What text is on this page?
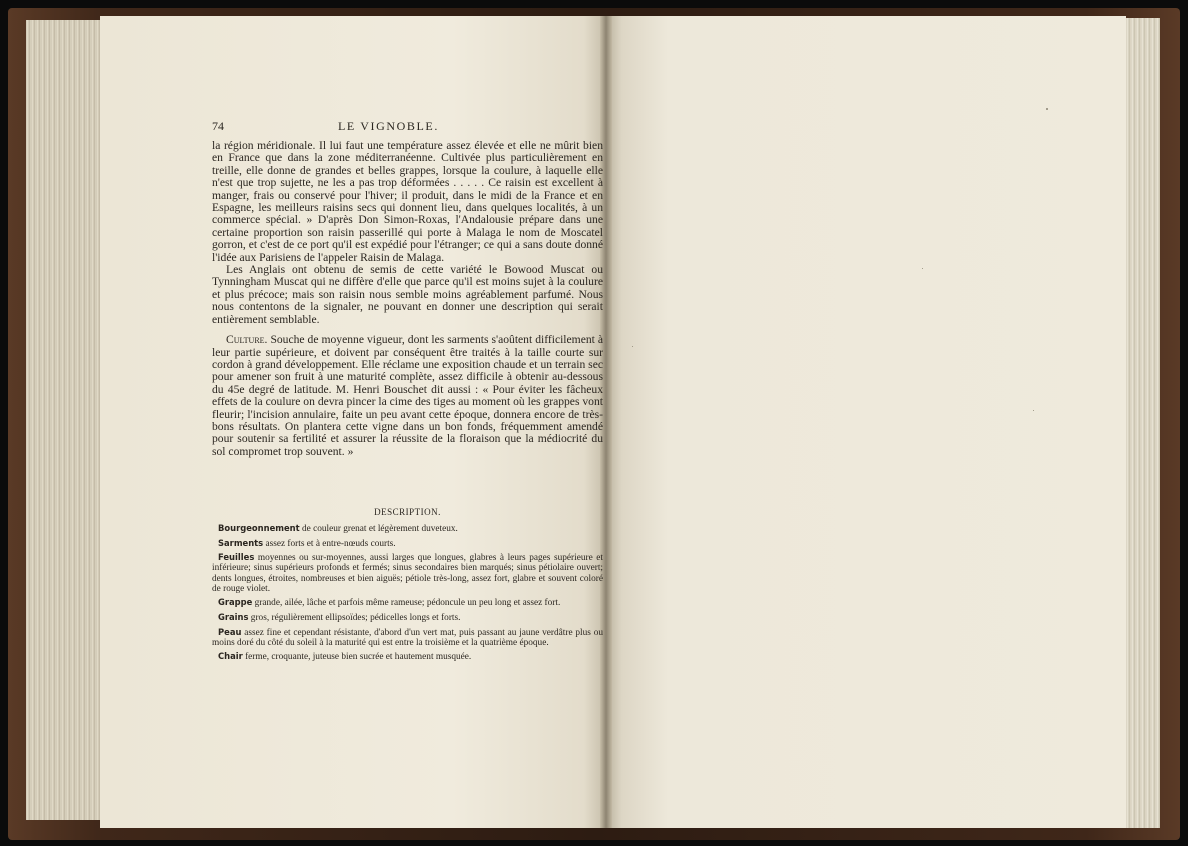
74	LE VIGNOBLE.

la région méridionale. Il lui faut une température assez élevée et elle ne mûrit bien en France que dans la zone méditerranéenne. Cultivée plus particulièrement en treille, elle donne de grandes et belles grappes, lorsque la coulure, à laquelle elle n'est que trop sujette, ne les a pas trop déformées . . . . . Ce raisin est excellent à manger, frais ou conservé pour l'hiver; il produit, dans le midi de la France et en Espagne, les meilleurs raisins secs qui donnent lieu, dans quelques localités, à un commerce spécial. » D'après Don Simon-Roxas, l'Andalousie prépare dans une certaine proportion son raisin passerillé qui porte à Malaga le nom de Moscatel gorron, et c'est de ce port qu'il est expédié pour l'étranger; ce qui a sans doute donné l'idée aux Parisiens de l'appeler Raisin de Malaga.

Les Anglais ont obtenu de semis de cette variété le Bowood Muscat ou Tynningham Muscat qui ne diffère d'elle que parce qu'il est moins sujet à la coulure et plus précoce; mais son raisin nous semble moins agréablement parfumé. Nous nous contentons de la signaler, ne pouvant en donner une description qui serait entièrement semblable.

Culture. Souche de moyenne vigueur, dont les sarments s'aoûtent difficilement à leur partie supérieure, et doivent par conséquent être traités à la taille courte sur cordon à grand développement. Elle réclame une exposition chaude et un terrain sec pour amener son fruit à une maturité complète, assez difficile à obtenir au-dessous du 45e degré de latitude. M. Henri Bouschet dit aussi : « Pour éviter les fâcheux effets de la coulure on devra pincer la cime des tiges au moment où les grappes vont fleurir; l'incision annulaire, faite un peu avant cette époque, donnera encore de très-bons résultats. On plantera cette vigne dans un bon fonds, fréquemment amendé pour soutenir sa fertilité et assurer la réussite de la floraison que la médiocrité du sol compromet trop souvent. »

DESCRIPTION.

Bourgeonnement de couleur grenat et légèrement duveteux.

Sarments assez forts et à entre-nœuds courts.

Feuilles moyennes ou sur-moyennes, aussi larges que longues, glabres à leurs pages supérieure et inférieure; sinus supérieurs profonds et fermés; sinus secondaires bien marqués; sinus pétiolaire ouvert; dents longues, étroites, nombreuses et bien aiguës; pétiole très-long, assez fort, glabre et souvent coloré de rouge violet.

Grappe grande, ailée, lâche et parfois même rameuse; pédoncule un peu long et assez fort.

Grains gros, régulièrement ellipsoïdes; pédicelles longs et forts.

Peau assez fine et cependant résistante, d'abord d'un vert mat, puis passant au jaune verdâtre plus ou moins doré du côté du soleil à la maturité qui est entre la troisième et la quatrième époque.

Chair ferme, croquante, juteuse bien sucrée et hautement musquée.
